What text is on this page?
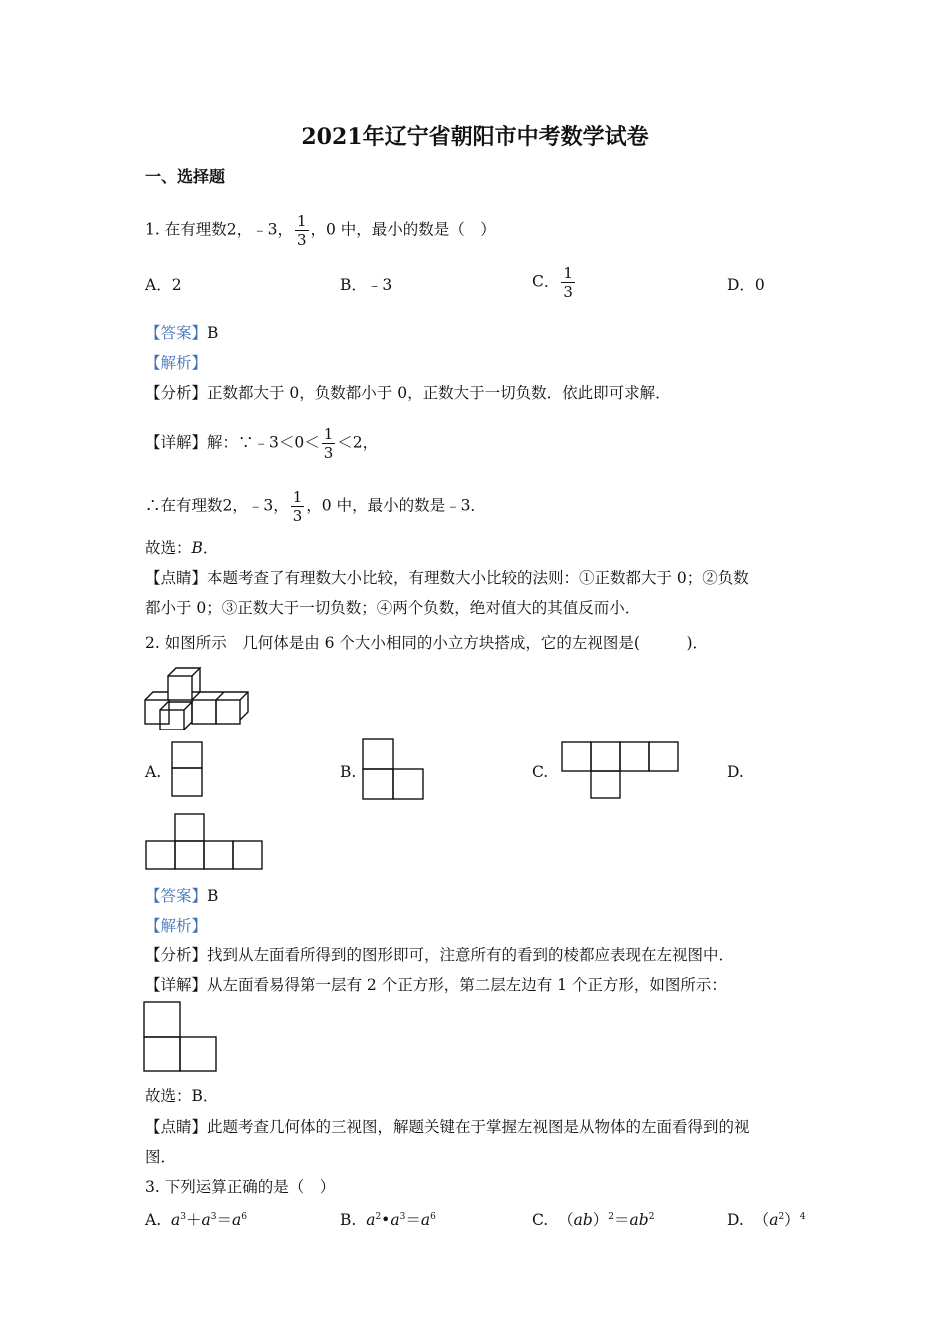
2021年辽宁省朝阳市中考数学试卷
一、选择题
1. 在有理数2，﹣3， $\frac{1}{3}$ ，0 中，最小的数是（　）
A．2	B．﹣3	C． $\frac{1}{3}$	D．0
【答案】B
【解析】
【分析】正数都大于 0，负数都小于 0，正数大于一切负数．依此即可求解．
【详解】解：∵﹣3＜0＜ $\frac{1}{3} <2$，
∴在有理数2，﹣3， $\frac{1}{3}$ ，0 中，最小的数是﹣3．
故选：B．
【点睛】本题考查了有理数大小比较，有理数大小比较的法则：①正数都大于 0；②负数
都小于 0；③正数大于一切负数；④两个负数，绝对值大的其值反而小．
2. 如图所示　几何体是由 6 个大小相同的小立方块搭成，它的左视图是(　　　)．
A.	B.	C.	D.
【答案】B
【解析】
【分析】找到从左面看所得到的图形即可，注意所有的看到的棱都应表现在左视图中．
【详解】从左面看易得第一层有 2 个正方形，第二层左边有 1 个正方形，如图所示：
故选：B．
【点睛】此题考查几何体的三视图，解题关键在于掌握左视图是从物体的左面看得到的视
图．
3. 下列运算正确的是（　）
A. $a^3+a^3=a^6$	B. $a^2•a^3=a^6$	C. $(ab)^2=ab^2$	D. $(a^2)^4$
